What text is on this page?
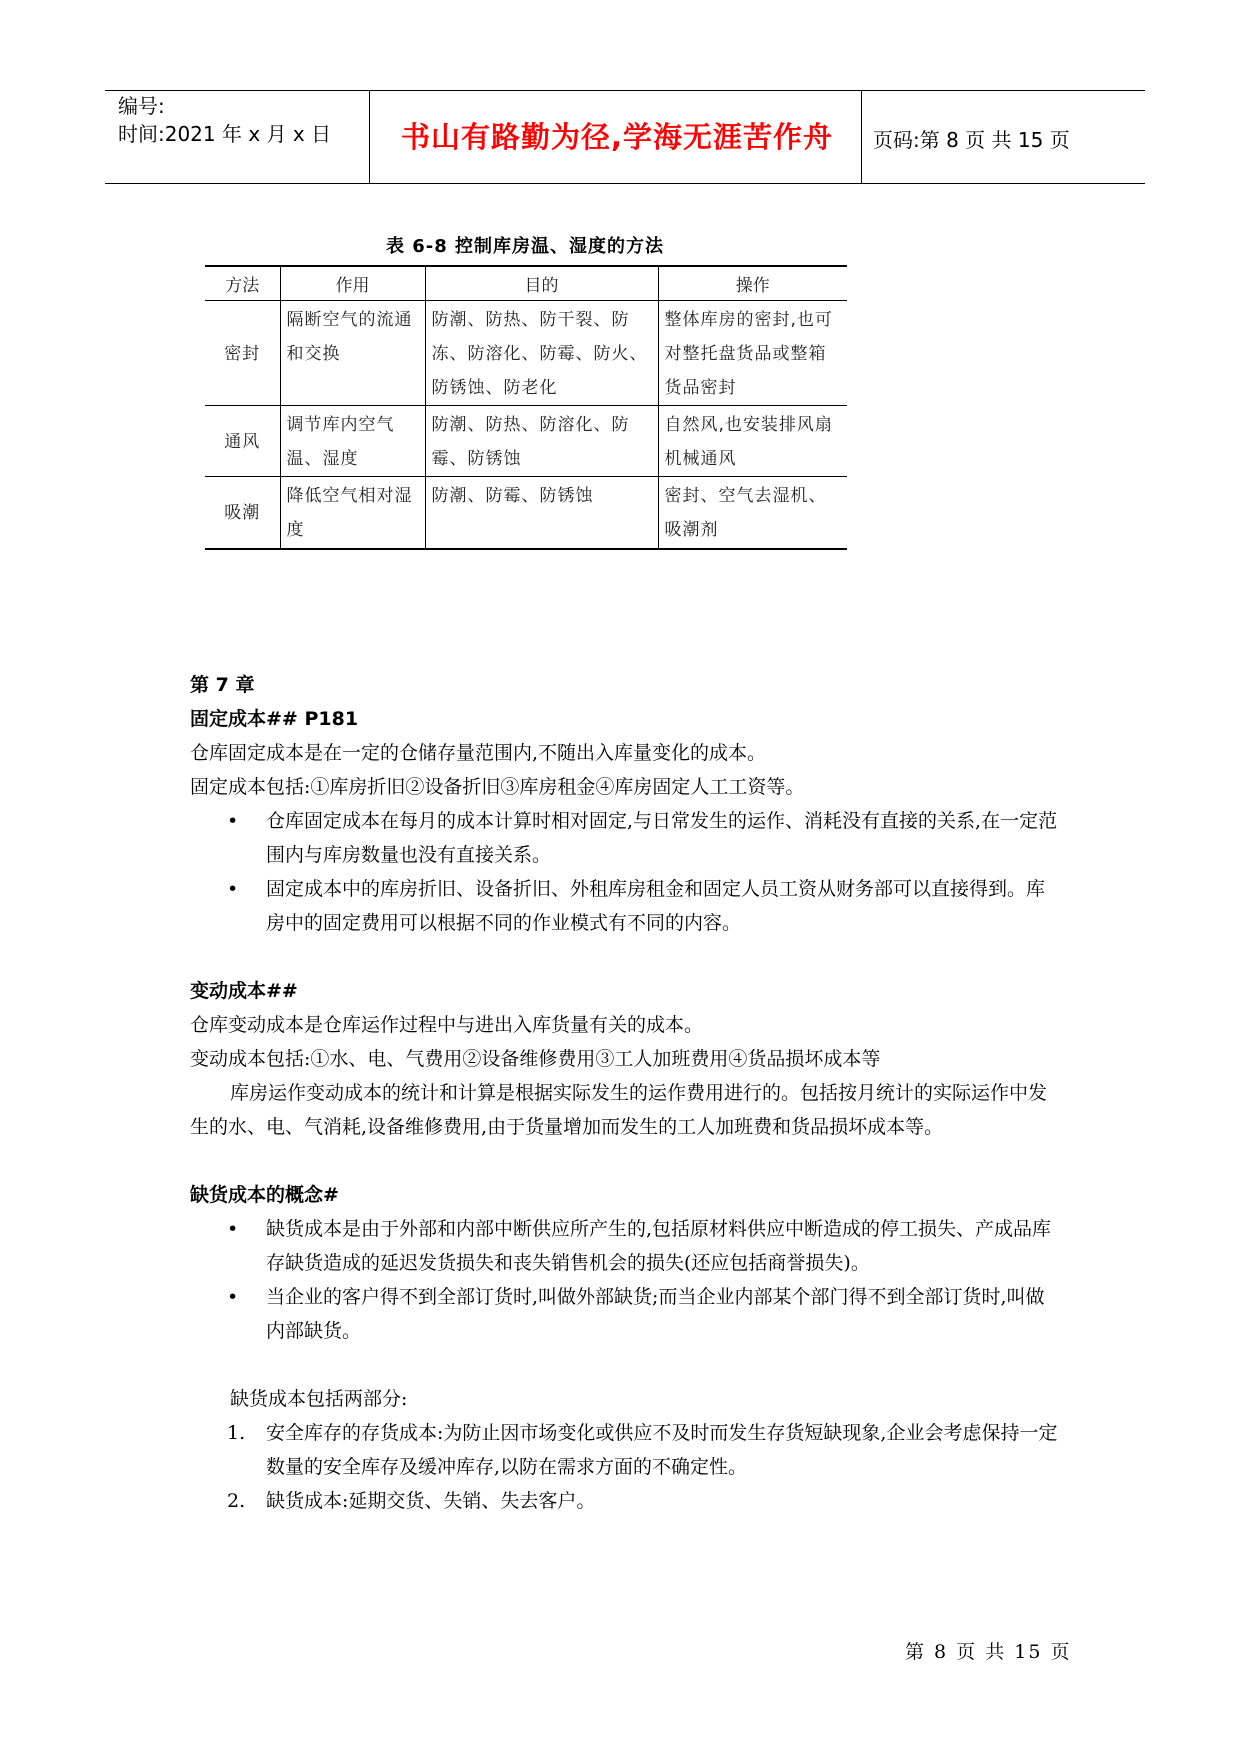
编号:
时间:2021 年 x 月 x 日	书山有路勤为径,学海无涯苦作舟	页码:第 8 页 共 15 页
表 6-8 控制库房温、湿度的方法
方法	作用	目的	操作
密封	隔断空气的流通和交换	防潮、防热、防干裂、防冻、防溶化、防霉、防火、防锈蚀、防老化	整体库房的密封,也可对整托盘货品或整箱货品密封
通风	调节库内空气温、湿度	防潮、防热、防溶化、防霉、防锈蚀	自然风,也安装排风扇机械通风
吸潮	降低空气相对湿度	防潮、防霉、防锈蚀	密封、空气去湿机、吸潮剂
第 7 章
固定成本## P181

仓库固定成本是在一定的仓储存量范围内,不随出入库量变化的成本。

固定成本包括:①库房折旧②设备折旧③库房租金④库房固定人工工资等。

• 仓库固定成本在每月的成本计算时相对固定,与日常发生的运作、消耗没有直接的关系,在一定范围内与库房数量也没有直接关系。
• 固定成本中的库房折旧、设备折旧、外租库房租金和固定人员工资从财务部可以直接得到。库房中的固定费用可以根据不同的作业模式有不同的内容。
变动成本##

仓库变动成本是仓库运作过程中与进出入库货量有关的成本。

变动成本包括:①水、电、气费用②设备维修费用③工人加班费用④货品损坏成本等

库房运作变动成本的统计和计算是根据实际发生的运作费用进行的。包括按月统计的实际运作中发生的水、电、气消耗,设备维修费用,由于货量增加而发生的工人加班费和货品损坏成本等。

缺货成本的概念#
• 缺货成本是由于外部和内部中断供应所产生的,包括原材料供应中断造成的停工损失、产成品库存缺货造成的延迟发货损失和丧失销售机会的损失(还应包括商誉损失)。
• 当企业的客户得不到全部订货时,叫做外部缺货;而当企业内部某个部门得不到全部订货时,叫做内部缺货。

缺货成本包括两部分:

1. 安全库存的存货成本:为防止因市场变化或供应不及时而发生存货短缺现象,企业会考虑保持一定数量的安全库存及缓冲库存,以防在需求方面的不确定性。
2. 缺货成本:延期交货、失销、失去客户。
第 8 页 共 15 页
